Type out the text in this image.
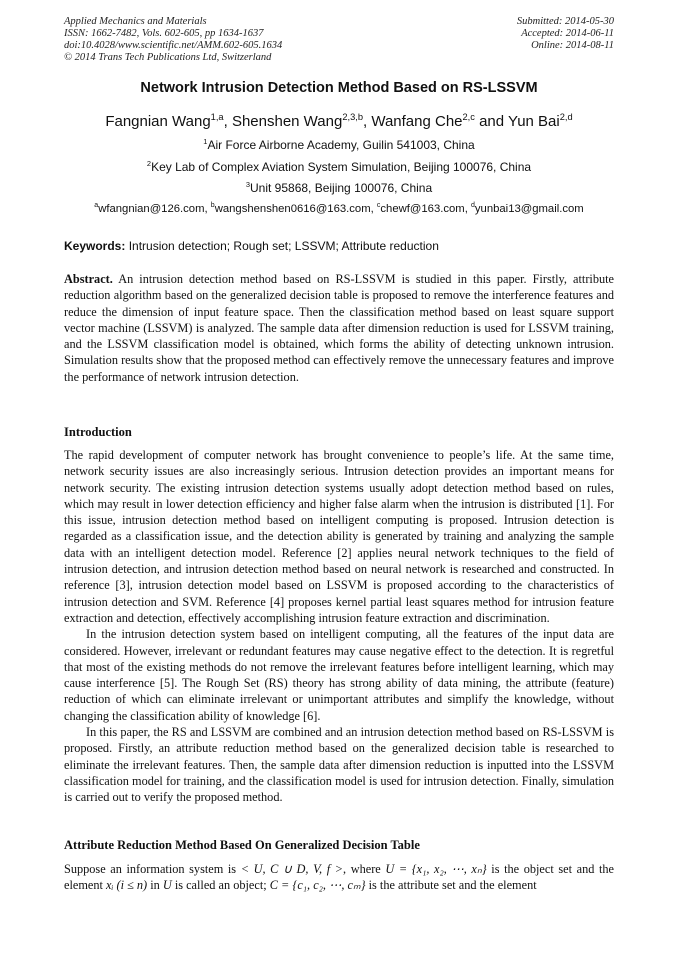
Applied Mechanics and Materials
ISSN: 1662-7482, Vols. 602-605, pp 1634-1637
doi:10.4028/www.scientific.net/AMM.602-605.1634
© 2014 Trans Tech Publications Ltd, Switzerland
Submitted: 2014-05-30
Accepted: 2014-06-11
Online: 2014-08-11
Network Intrusion Detection Method Based on RS-LSSVM
Fangnian Wang$^{1,a}$, Shenshen Wang$^{2,3,b}$, Wanfang Che$^{2,c}$ and Yun Bai$^{2,d}$
$^1$Air Force Airborne Academy, Guilin 541003, China
$^2$Key Lab of Complex Aviation System Simulation, Beijing 100076, China
$^3$Unit 95868, Beijing 100076, China
$^a$wfangnian@126.com, $^b$wangshenshen0616@163.com, $^c$chewf@163.com, $^d$yunbai13@gmail.com
Keywords: Intrusion detection; Rough set; LSSVM; Attribute reduction

Abstract. An intrusion detection method based on RS-LSSVM is studied in this paper. Firstly, attribute reduction algorithm based on the generalized decision table is proposed to remove the interference features and reduce the dimension of input feature space. Then the classification method based on least square support vector machine (LSSVM) is analyzed. The sample data after dimension reduction is used for LSSVM training, and the LSSVM classification model is obtained, which forms the ability of detecting unknown intrusion. Simulation results show that the proposed method can effectively remove the unnecessary features and improve the performance of network intrusion detection.

Introduction

The rapid development of computer network has brought convenience to people’s life. At the same time, network security issues are also increasingly serious. Intrusion detection provides an important means for network security. The existing intrusion detection systems usually adopt detection method based on rules, which may result in lower detection efficiency and higher false alarm when the intrusion is distributed [1]. For this issue, intrusion detection method based on intelligent computing is proposed. Intrusion detection is regarded as a classification issue, and the detection ability is generated by training and analyzing the sample data with an intelligent detection model. Reference [2] applies neural network techniques to the field of intrusion detection, and intrusion detection method based on neural network is researched and constructed. In reference [3], intrusion detection model based on LSSVM is proposed according to the characteristics of intrusion detection and SVM. Reference [4] proposes kernel partial least squares method for intrusion feature extraction and detection, effectively accomplishing intrusion feature extraction and discrimination.

In the intrusion detection system based on intelligent computing, all the features of the input data are considered. However, irrelevant or redundant features may cause negative effect to the detection. It is regretful that most of the existing methods do not remove the irrelevant features before intelligent learning, which may cause interference [5]. The Rough Set (RS) theory has strong ability of data mining, the attribute (feature) reduction of which can eliminate irrelevant or unimportant attributes and simplify the knowledge, without changing the classification ability of knowledge [6].

In this paper, the RS and LSSVM are combined and an intrusion detection method based on RS-LSSVM is proposed. Firstly, an attribute reduction method based on the generalized decision table is researched to eliminate the irrelevant features. Then, the sample data after dimension reduction is inputted into the LSSVM classification model for training, and the classification model is used for intrusion detection. Finally, simulation is carried out to verify the proposed method.

Attribute Reduction Method Based On Generalized Decision Table

Suppose an information system is < U, C ∪ D, V, f >, where U = {x₁, x₂, ⋯, xₙ} is the object set and the element xᵢ (i ≤ n) in U is called an object; C = {c₁, c₂, ⋯, cₘ} is the attribute set and the element
